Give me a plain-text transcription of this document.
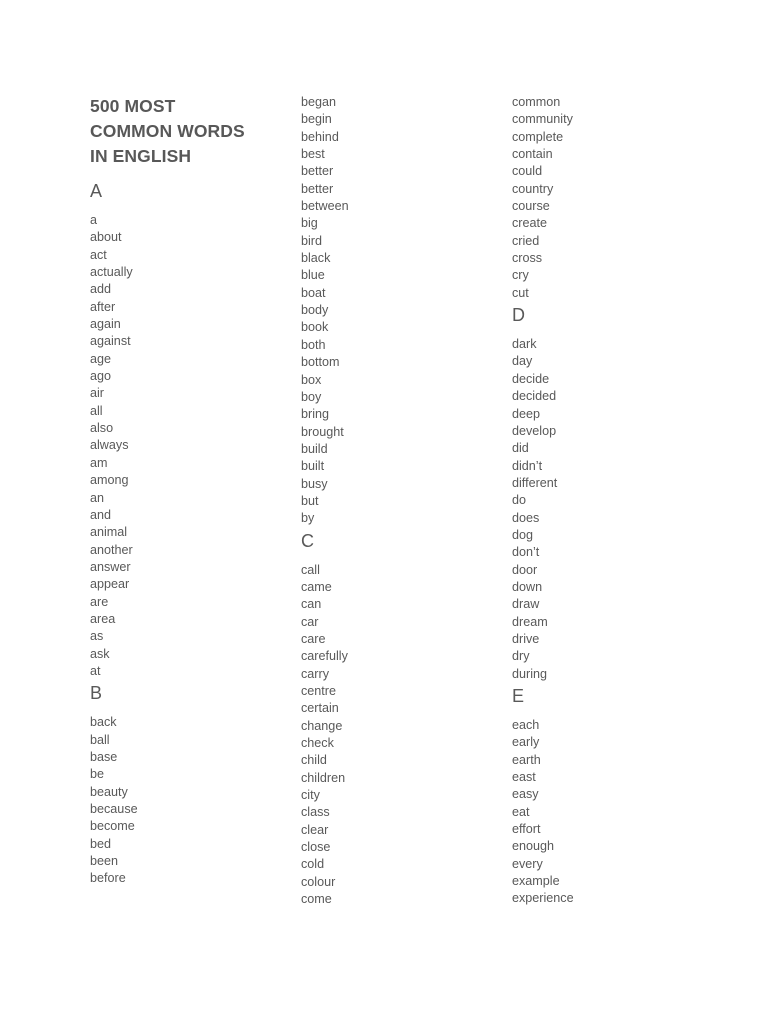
500 MOST
COMMON WORDS
IN ENGLISH
A
a
about
act
actually
add
after
again
against
age
ago
air
all
also
always
am
among
an
and
animal
another
answer
appear
are
area
as
ask
at
B
back
ball
base
be
beauty
because
become
bed
been
before
began
begin
behind
best
better
better
between
big
bird
black
blue
boat
body
book
both
bottom
box
boy
bring
brought
build
built
busy
but
by
C
call
came
can
car
care
carefully
carry
centre
certain
change
check
child
children
city
class
clear
close
cold
colour
come
common
community
complete
contain
could
country
course
create
cried
cross
cry
cut
D
dark
day
decide
decided
deep
develop
did
didn’t
different
do
does
dog
don’t
door
down
draw
dream
drive
dry
during
E
each
early
earth
east
easy
eat
effort
enough
every
example
experience
